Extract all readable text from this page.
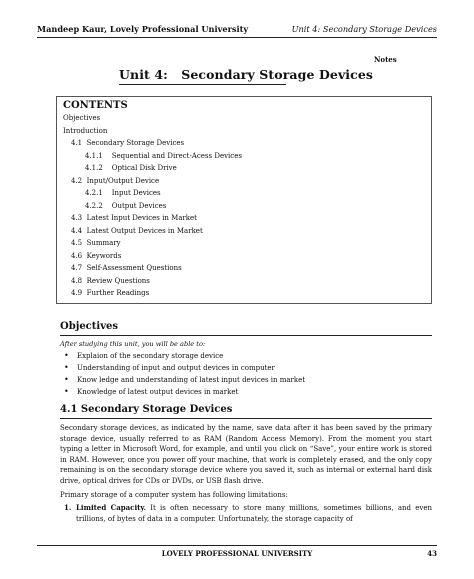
Mandeep Kaur, Lovely Professional University	Unit 4: Secondary Storage Devices
Notes
Unit 4:   Secondary Storage Devices
CONTENTS
Objectives
Introduction
4.1  Secondary Storage Devices
4.1.1    Sequential and Direct-Acess Devices
4.1.2    Optical Disk Drive
4.2  Input/Output Device
4.2.1    Input Devices
4.2.2    Output Devices
4.3  Latest Input Devices in Market
4.4  Latest Output Devices in Market
4.5  Summary
4.6  Keywords
4.7  Self-Assessment Questions
4.8  Review Questions
4.9  Further Readings
Objectives
After studying this unit, you will be able to:
• Explaion of the secondary storage device
• Understanding of input and output devices in computer
• Know ledge and understanding of latest input devices in market
• Knowledge of latest output devices in market
4.1 Secondary Storage Devices

Secondary storage devices, as indicated by the name, save data after it has been saved by the primary storage device, usually referred to as RAM (Random Access Memory). From the moment you start typing a letter in Microsoft Word, for example, and until you click on “Save”, your entire work is stored in RAM. However, once you power off your machine, that work is completely erased, and the only copy remaining is on the secondary storage device where you saved it, such as internal or external hard disk drive, optical drives for CDs or DVDs, or USB flash drive.

Primary storage of a computer system has following limitations:

1. Limited Capacity. It is often necessary to store many millions, sometimes billions, and even trillions, of bytes of data in a computer. Unfortunately, the storage capacity of

LOVELY PROFESSIONAL UNIVERSITY	43
